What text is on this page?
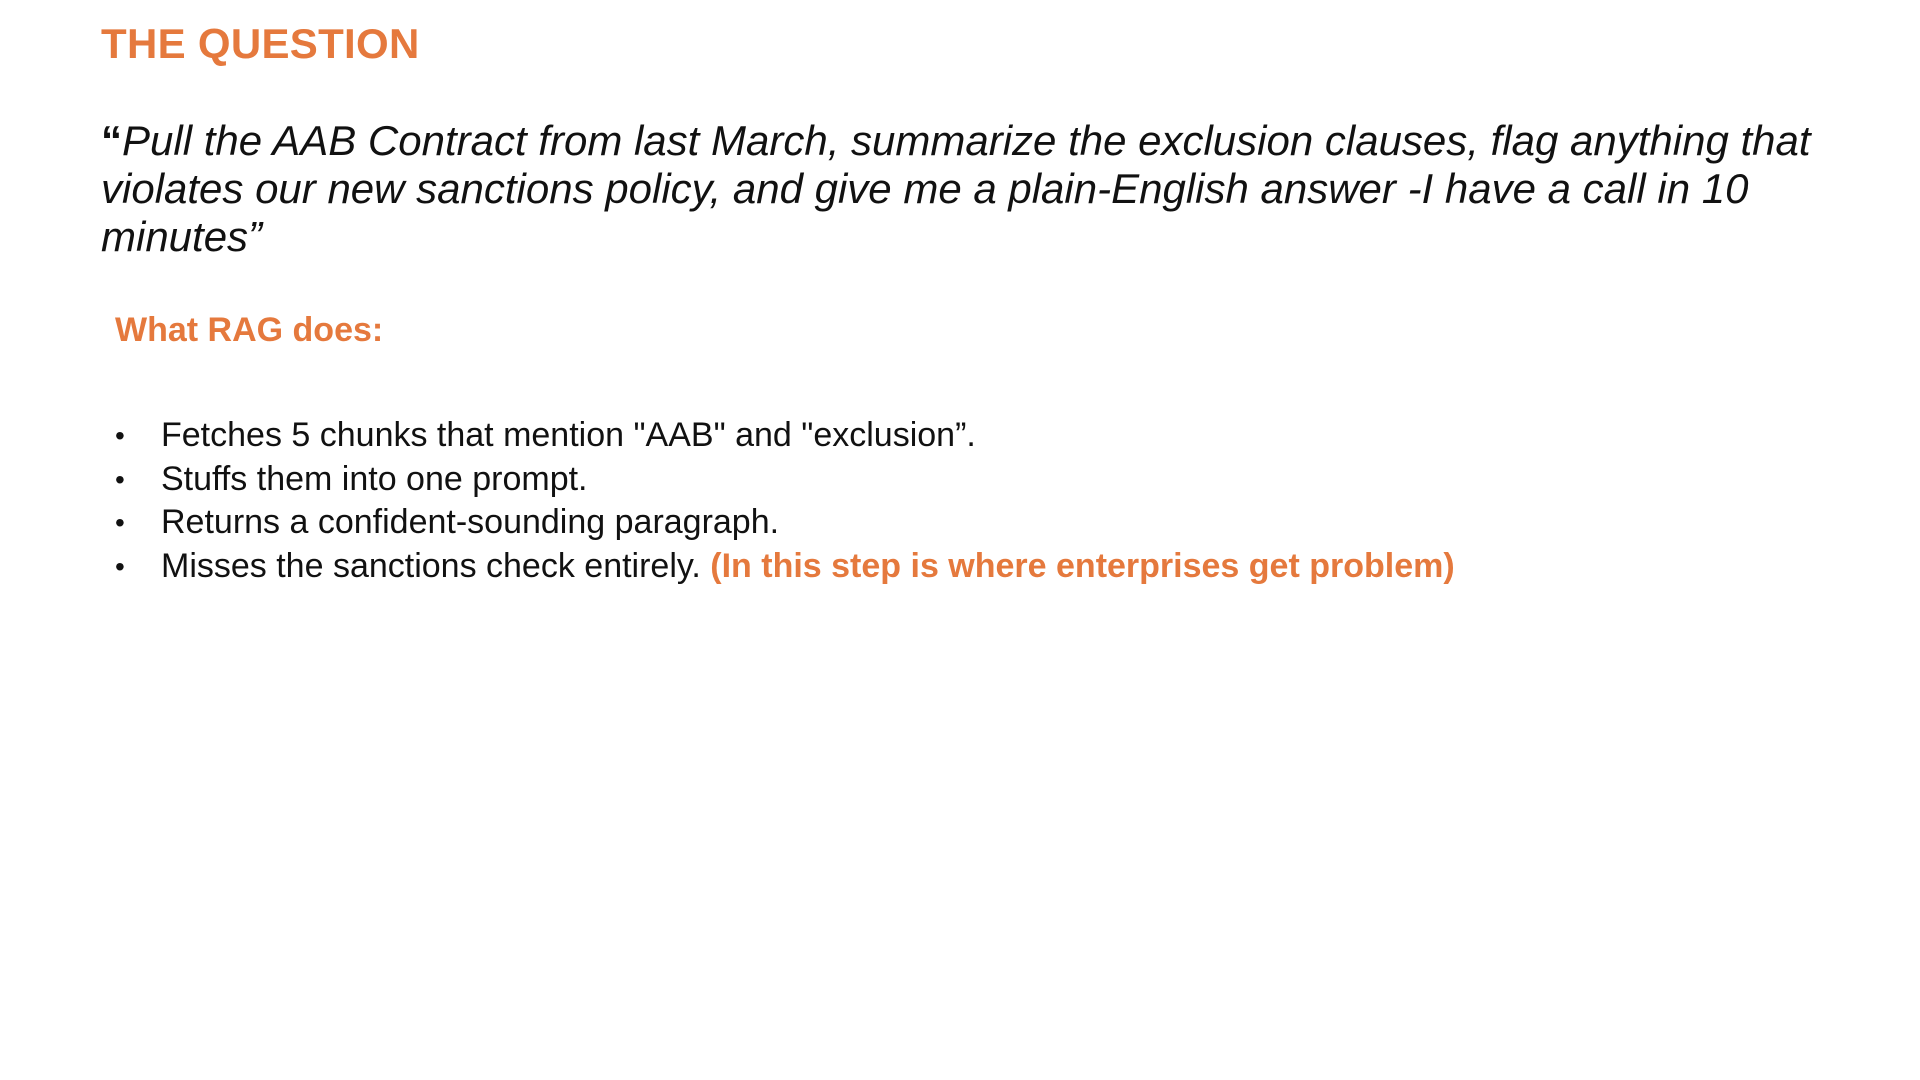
THE QUESTION

“Pull the AAB Contract from last March, summarize the exclusion clauses, flag anything that violates our new sanctions policy, and give me a plain-English answer -I have a call in 10 minutes”

What RAG does:
• Fetches 5 chunks that mention "AAB" and "exclusion”.
• Stuffs them into one prompt.
• Returns a confident-sounding paragraph.
• Misses the sanctions check entirely. (In this step is where enterprises get problem)
